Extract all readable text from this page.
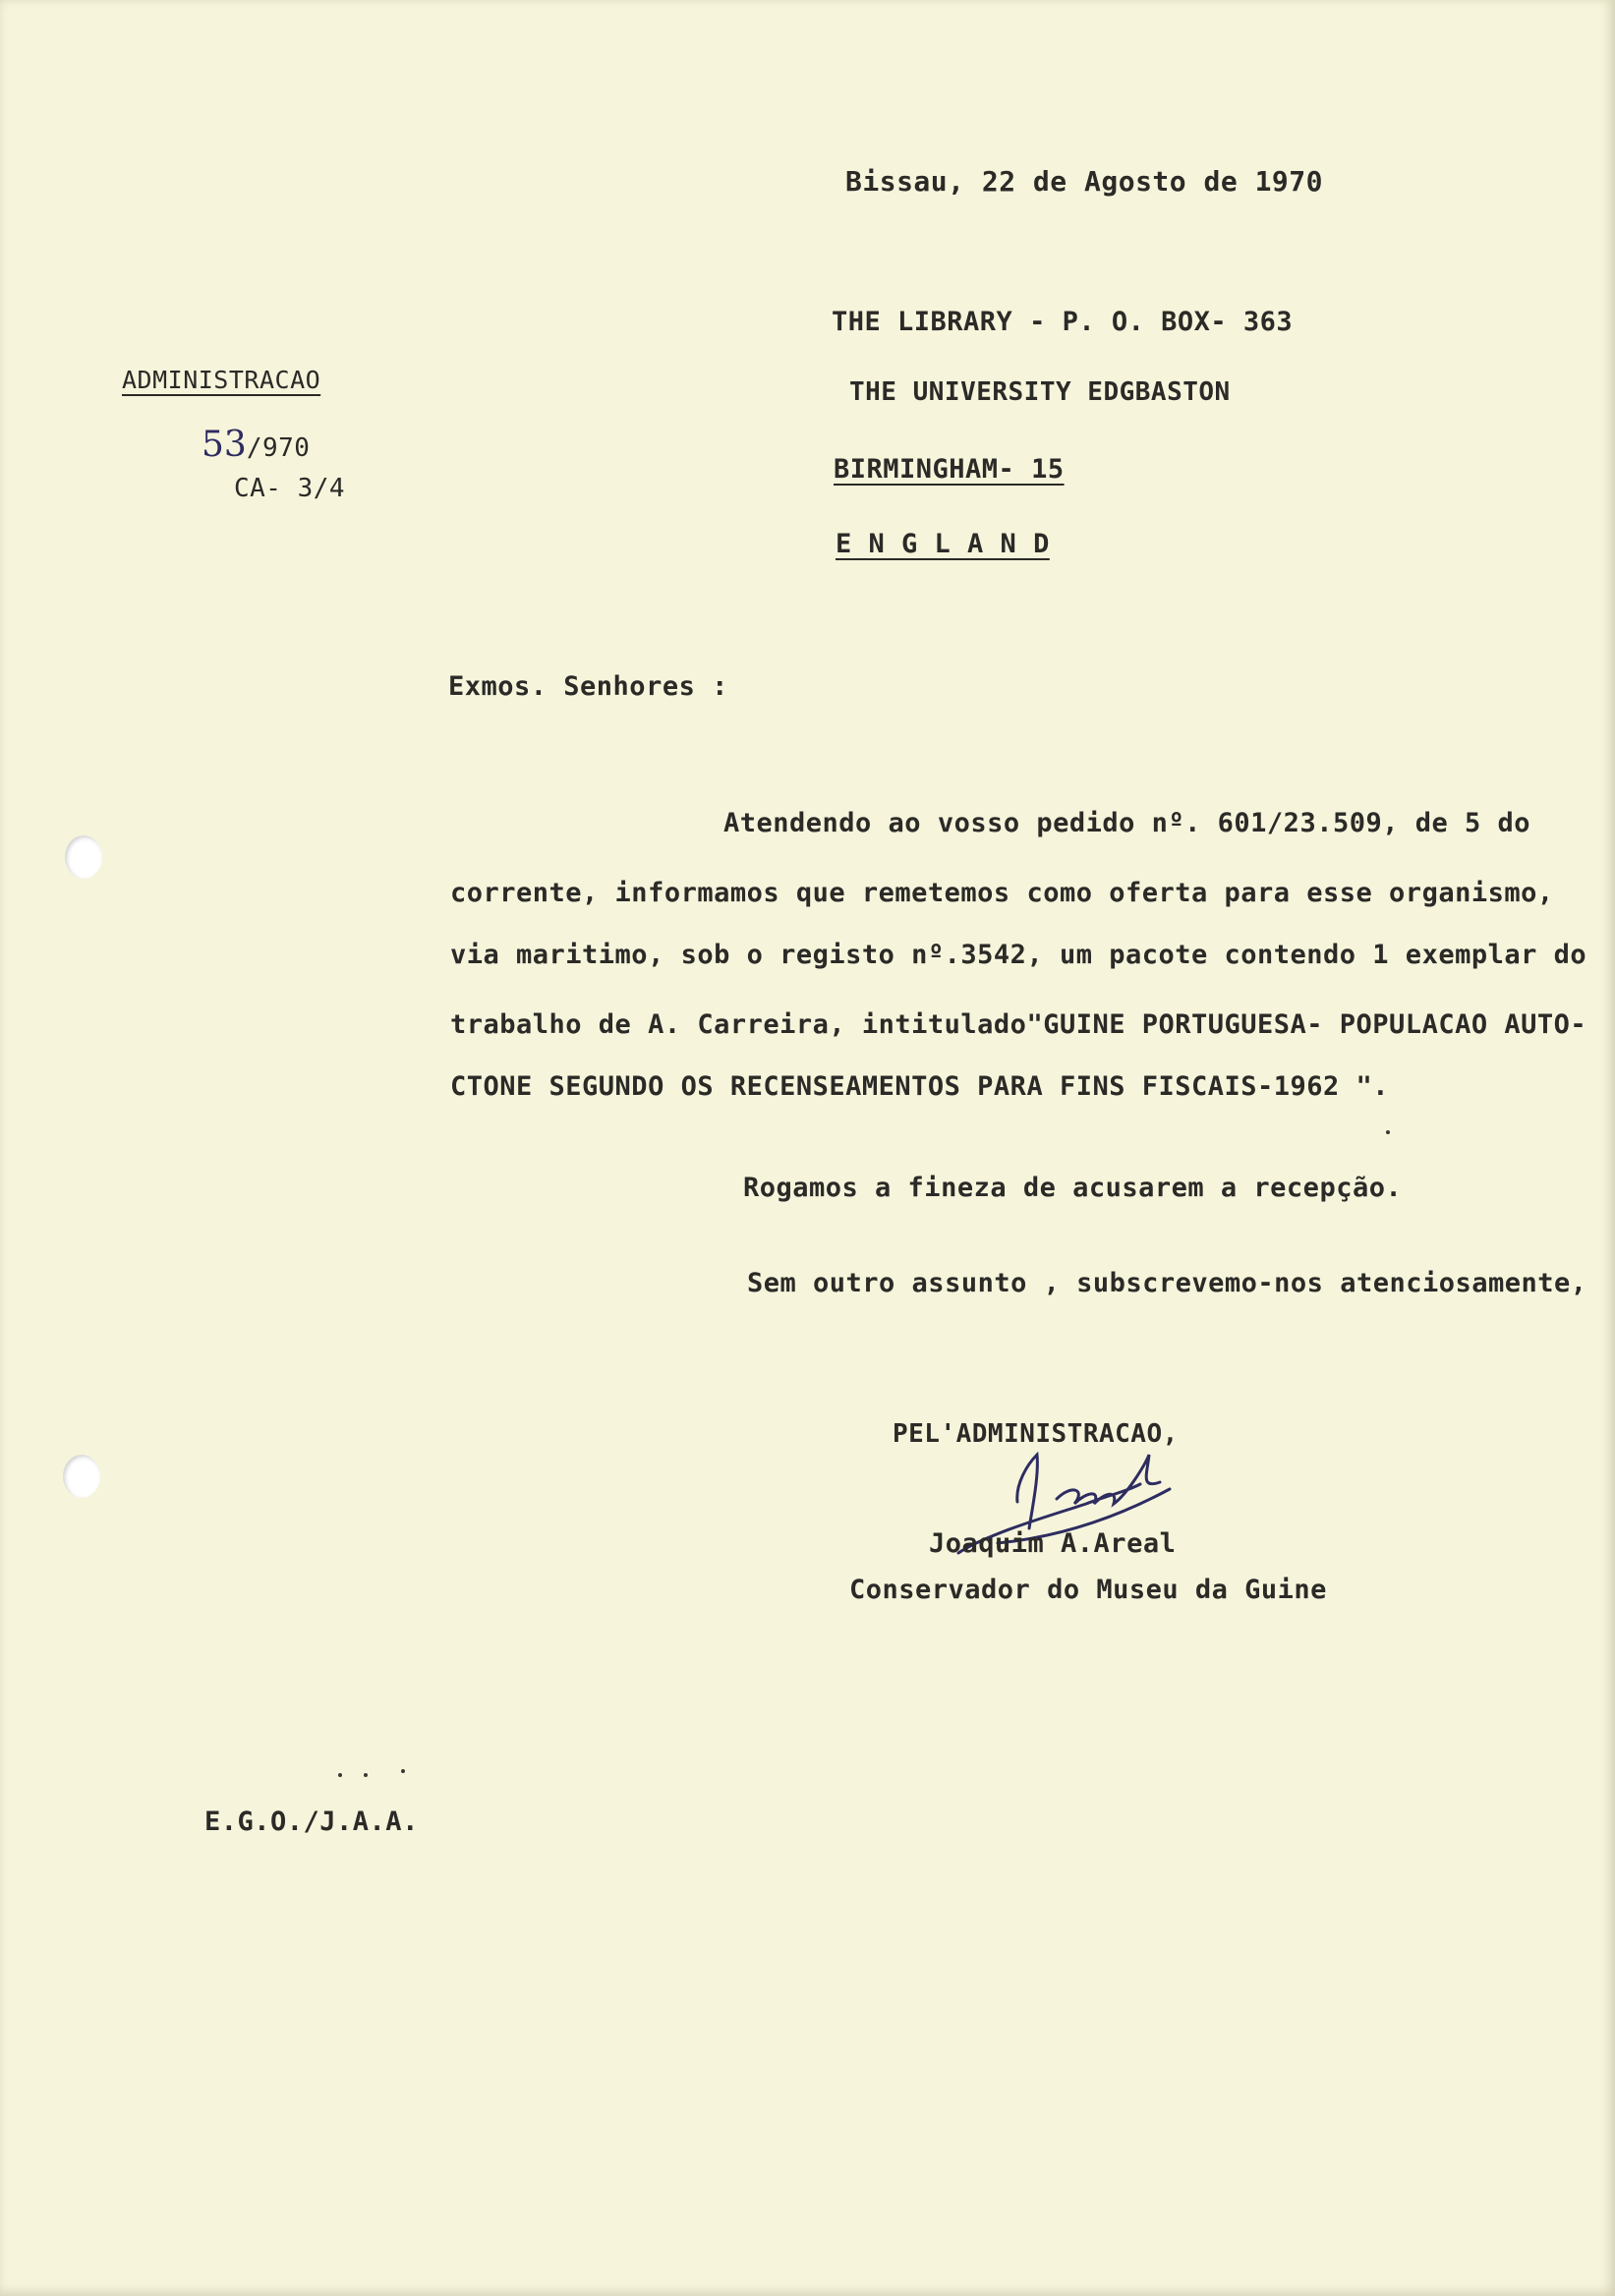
Bissau, 22 de Agosto de 1970
THE LIBRARY - P. O. BOX- 363
THE UNIVERSITY EDGBASTON
BIRMINGHAM- 15
E N G L A N D
ADMINISTRACAO
53/970
CA- 3/4
Exmos. Senhores :
Atendendo ao vosso pedido nº. 601/23.509, de 5 do
corrente, informamos que remetemos como oferta para esse organismo,
via maritimo, sob o registo nº.3542, um pacote contendo 1 exemplar do
trabalho de A. Carreira, intitulado"GUINE PORTUGUESA- POPULACAO AUTO-
CTONE SEGUNDO OS RECENSEAMENTOS PARA FINS FISCAIS-1962 ".
Rogamos a fineza de acusarem a recepção.
Sem outro assunto , subscrevemo-nos atenciosamente,
PEL'ADMINISTRACAO,
Joaquim A.Areal
Conservador do Museu da Guine
E.G.O./J.A.A.
